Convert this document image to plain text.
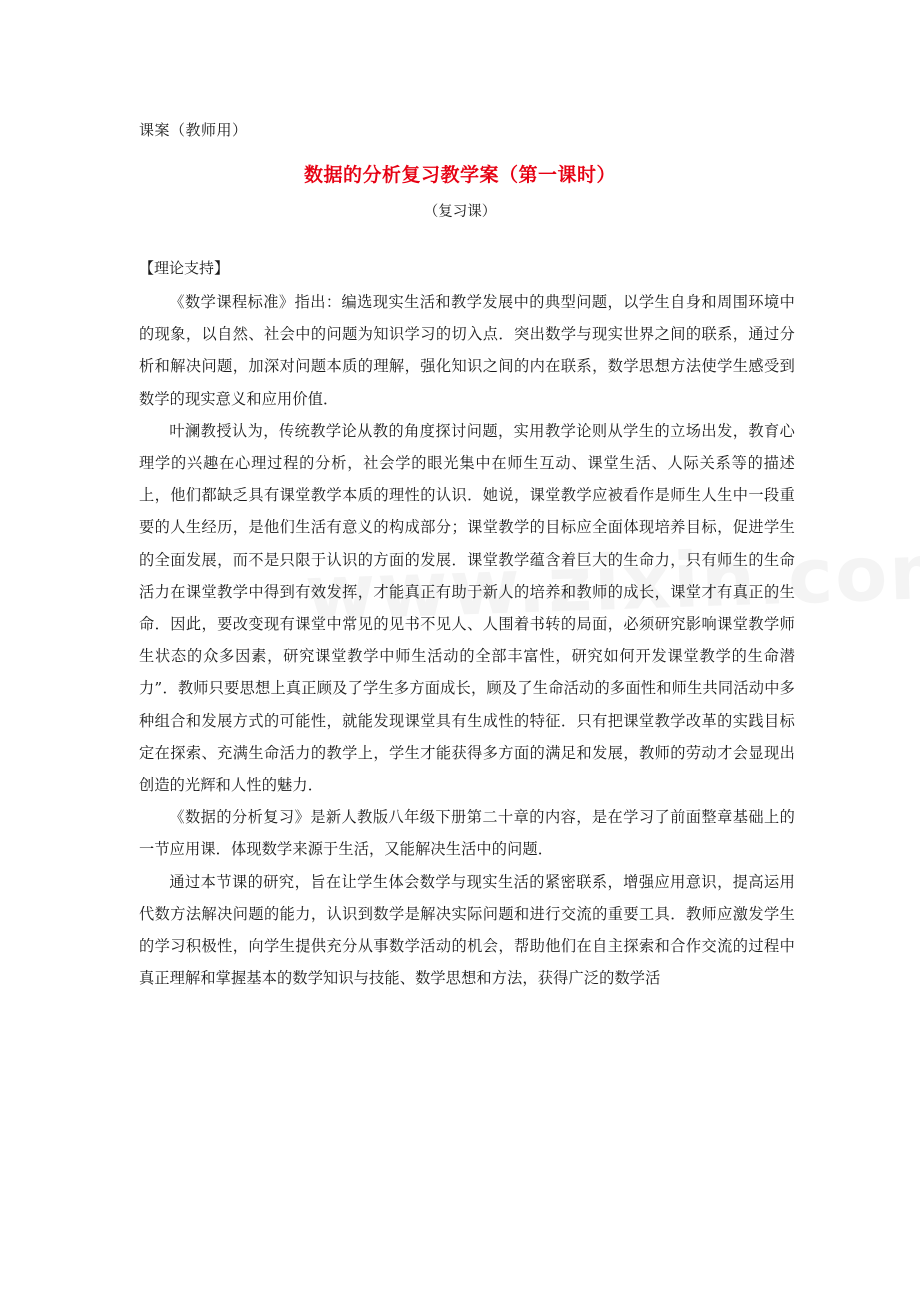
课案（教师用）
数据的分析复习教学案（第一课时）
（复习课）
【理论支持】

《数学课程标准》指出：编选现实生活和教学发展中的典型问题，以学生自身和周围环境中的现象，以自然、社会中的问题为知识学习的切入点．突出数学与现实世界之间的联系，通过分析和解决问题，加深对问题本质的理解，强化知识之间的内在联系，数学思想方法使学生感受到数学的现实意义和应用价值．

叶澜教授认为，传统教学论从教的角度探讨问题，实用教学论则从学生的立场出发，教育心理学的兴趣在心理过程的分析，社会学的眼光集中在师生互动、课堂生活、人际关系等的描述上，他们都缺乏具有课堂教学本质的理性的认识．她说，课堂教学应被看作是师生人生中一段重要的人生经历，是他们生活有意义的构成部分；课堂教学的目标应全面体现培养目标，促进学生的全面发展，而不是只限于认识的方面的发展．课堂教学蕴含着巨大的生命力，只有师生的生命活力在课堂教学中得到有效发挥，才能真正有助于新人的培养和教师的成长，课堂才有真正的生命．因此，要改变现有课堂中常见的见书不见人、人围着书转的局面，必须研究影响课堂教学师生状态的众多因素，研究课堂教学中师生活动的全部丰富性，研究如何开发课堂教学的生命潜力”．教师只要思想上真正顾及了学生多方面成长，顾及了生命活动的多面性和师生共同活动中多种组合和发展方式的可能性，就能发现课堂具有生成性的特征．只有把课堂教学改革的实践目标定在探索、充满生命活力的教学上，学生才能获得多方面的满足和发展，教师的劳动才会显现出创造的光辉和人性的魅力．

《数据的分析复习》是新人教版八年级下册第二十章的内容，是在学习了前面整章基础上的一节应用课．体现数学来源于生活，又能解决生活中的问题．

通过本节课的研究，旨在让学生体会数学与现实生活的紧密联系，增强应用意识，提高运用代数方法解决问题的能力，认识到数学是解决实际问题和进行交流的重要工具．教师应激发学生的学习积极性，向学生提供充分从事数学活动的机会，帮助他们在自主探索和合作交流的过程中真正理解和掌握基本的数学知识与技能、数学思想和方法，获得广泛的数学活
